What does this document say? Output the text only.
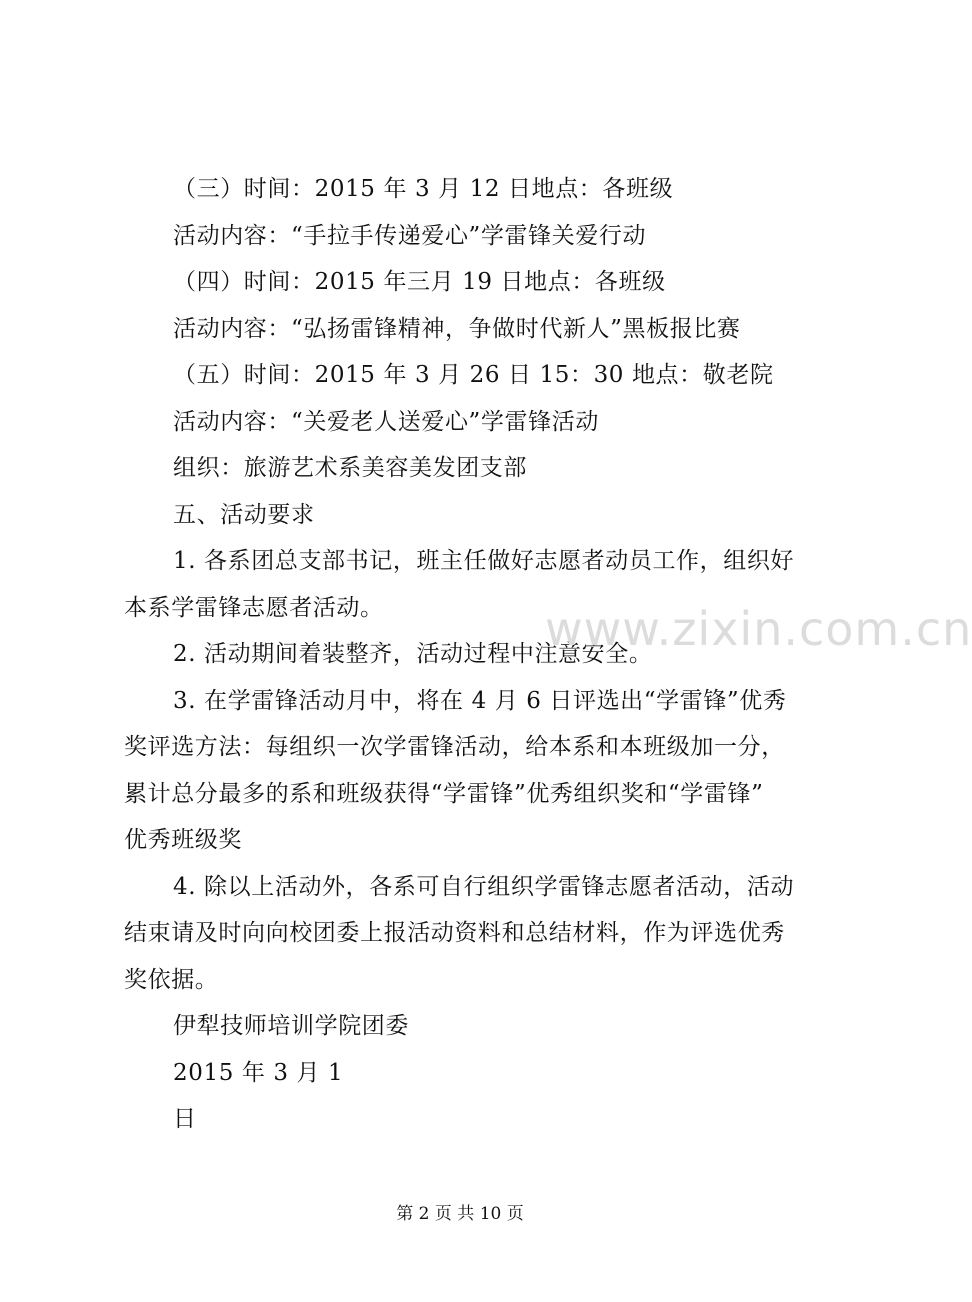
（三）时间：2015 年 3 月 12 日地点：各班级
活动内容：“手拉手传递爱心”学雷锋关爱行动
（四）时间：2015 年三月 19 日地点：各班级
活动内容：“弘扬雷锋精神，争做时代新人”黑板报比赛
（五）时间：2015 年 3 月 26 日 15：30 地点：敬老院
活动内容：“关爱老人送爱心”学雷锋活动
组织：旅游艺术系美容美发团支部
五、活动要求
1. 各系团总支部书记，班主任做好志愿者动员工作，组织好
本系学雷锋志愿者活动。
2. 活动期间着装整齐，活动过程中注意安全。
3. 在学雷锋活动月中，将在 4 月 6 日评选出“学雷锋”优秀
奖评选方法：每组织一次学雷锋活动，给本系和本班级加一分，
累计总分最多的系和班级获得“学雷锋”优秀组织奖和“学雷锋”
优秀班级奖
4. 除以上活动外，各系可自行组织学雷锋志愿者活动，活动
结束请及时向向校团委上报活动资料和总结材料，作为评选优秀
奖依据。
伊犁技师培训学院团委
2015 年 3 月 1
日
www.zixin.com.cn
第 2 页 共 10 页
